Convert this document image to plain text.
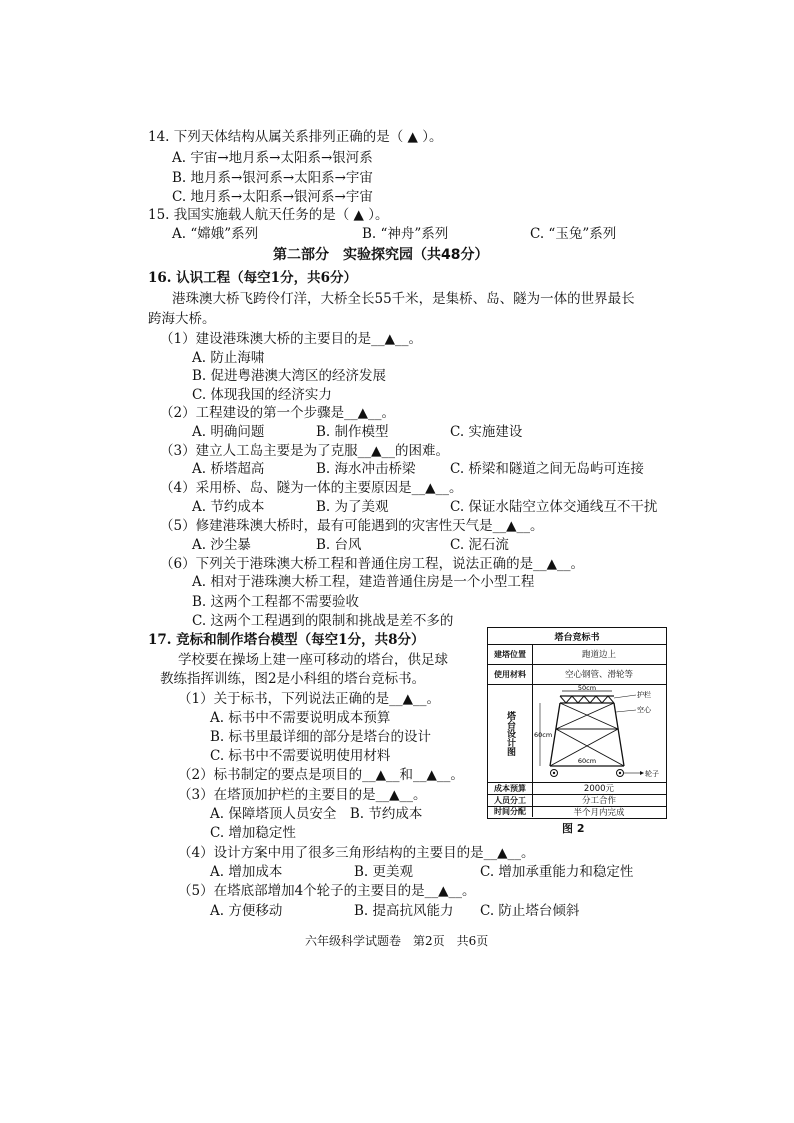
14. 下列天体结构从属关系排列正确的是（ ▲ ）。
A. 宇宙→地月系→太阳系→银河系
B. 地月系→银河系→太阳系→宇宙
C. 地月系→太阳系→银河系→宇宙
15. 我国实施载人航天任务的是（ ▲ ）。
A. “嫦娥”系列	B. “神舟”系列	C. “玉兔”系列
第二部分　实验探究园（共48分）
16. 认识工程（每空1分，共6分）
港珠澳大桥飞跨伶仃洋，大桥全长55千米，是集桥、岛、隧为一体的世界最长
跨海大桥。
（1）建设港珠澳大桥的主要目的是__▲__。
A. 防止海啸
B. 促进粤港澳大湾区的经济发展
C. 体现我国的经济实力
（2）工程建设的第一个步骤是__▲__。
A. 明确问题	B. 制作模型	C. 实施建设
（3）建立人工岛主要是为了克服__▲__的困难。
A. 桥塔超高	B. 海水冲击桥梁	C. 桥梁和隧道之间无岛屿可连接
（4）采用桥、岛、隧为一体的主要原因是__▲__。
A. 节约成本	B. 为了美观	C. 保证水陆空立体交通线互不干扰
（5）修建港珠澳大桥时，最有可能遇到的灾害性天气是__▲__。
A. 沙尘暴	B. 台风	C. 泥石流
（6）下列关于港珠澳大桥工程和普通住房工程，说法正确的是__▲__。
A. 相对于港珠澳大桥工程，建造普通住房是一个小型工程
B. 这两个工程都不需要验收
C. 这两个工程遇到的限制和挑战是差不多的
17. 竞标和制作塔台模型（每空1分，共8分）
学校要在操场上建一座可移动的塔台，供足球
教练指挥训练，图2是小科组的塔台竞标书。
（1）关于标书，下列说法正确的是__▲__。
A. 标书中不需要说明成本预算
B. 标书里最详细的部分是塔台的设计
C. 标书中不需要说明使用材料
（2）标书制定的要点是项目的__▲__和__▲__。
（3）在塔顶加护栏的主要目的是__▲__。
A. 保障塔顶人员安全　B. 节约成本
C. 增加稳定性
（4）设计方案中用了很多三角形结构的主要目的是__▲__。
A. 增加成本	B. 更美观	C. 增加承重能力和稳定性
（5）在塔底部增加4个轮子的主要目的是__▲__。
A. 方便移动	B. 提高抗风能力 C. 防止塔台倾斜
塔台竞标书
建塔位置	跑道边上
使用材料	空心钢管、滑轮等
塔台设计图
50cm
60cm
60cm
护栏
空心
轮子
成本预算	2000元
人员分工	分工合作
时间分配	半个月内完成
图 2
六年级科学试题卷　第2页　共6页
